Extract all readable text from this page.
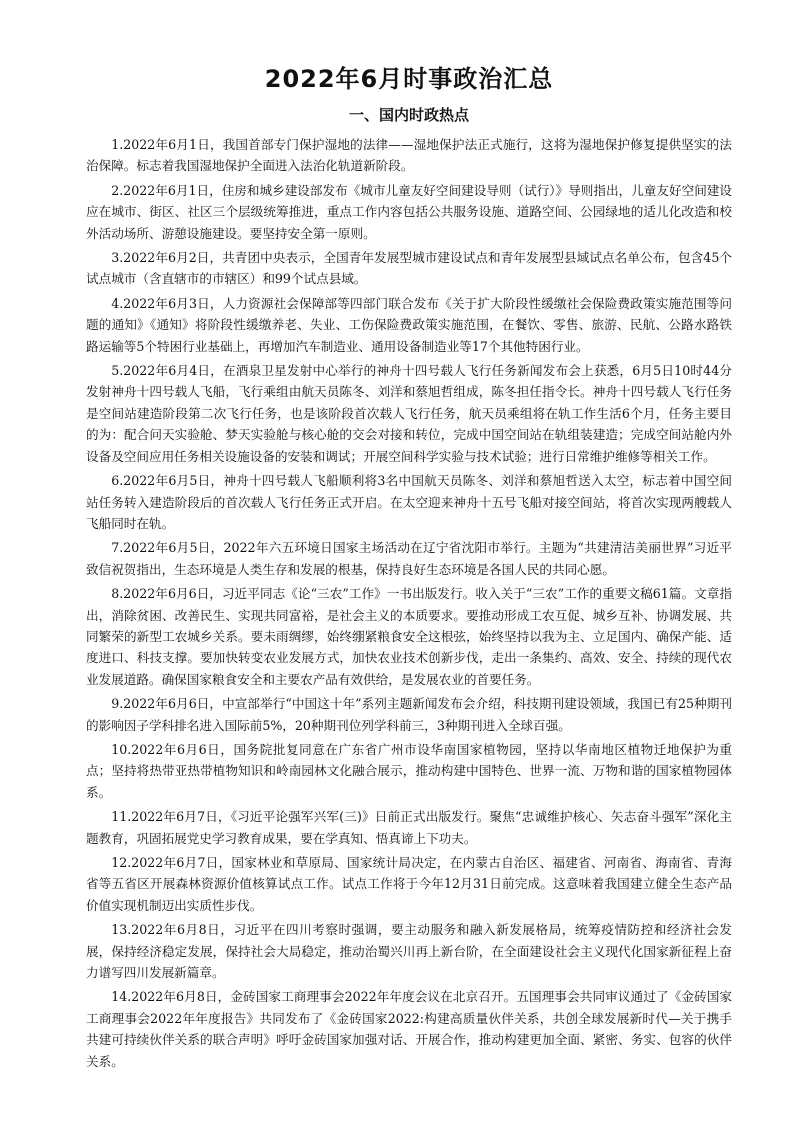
2022年6月时事政治汇总
一、国内时政热点

1.2022年6月1日，我国首部专门保护湿地的法律——湿地保护法正式施行，这将为湿地保护修复提供坚实的法治保障。标志着我国湿地保护全面进入法治化轨道新阶段。

2.2022年6月1日，住房和城乡建设部发布《城市儿童友好空间建设导则（试行）》导则指出，儿童友好空间建设应在城市、街区、社区三个层级统筹推进，重点工作内容包括公共服务设施、道路空间、公园绿地的适儿化改造和校外活动场所、游憩设施建设。要坚持安全第一原则。

3.2022年6月2日，共青团中央表示，全国青年发展型城市建设试点和青年发展型县域试点名单公布，包含45个试点城市（含直辖市的市辖区）和99个试点县域。

4.2022年6月3日，人力资源社会保障部等四部门联合发布《关于扩大阶段性缓缴社会保险费政策实施范围等问题的通知》《通知》将阶段性缓缴养老、失业、工伤保险费政策实施范围，在餐饮、零售、旅游、民航、公路水路铁路运输等5个特困行业基础上，再增加汽车制造业、通用设备制造业等17个其他特困行业。

5.2022年6月4日，在酒泉卫星发射中心举行的神舟十四号载人飞行任务新闻发布会上获悉，6月5日10时44分发射神舟十四号载人飞船，飞行乘组由航天员陈冬、刘洋和蔡旭哲组成，陈冬担任指令长。神舟十四号载人飞行任务是空间站建造阶段第二次飞行任务，也是该阶段首次载人飞行任务，航天员乘组将在轨工作生活6个月，任务主要目的为：配合问天实验舱、梦天实验舱与核心舱的交会对接和转位，完成中国空间站在轨组装建造；完成空间站舱内外设备及空间应用任务相关设施设备的安装和调试；开展空间科学实验与技术试验；进行日常维护维修等相关工作。

6.2022年6月5日，神舟十四号载人飞船顺利将3名中国航天员陈冬、刘洋和蔡旭哲送入太空，标志着中国空间站任务转入建造阶段后的首次载人飞行任务正式开启。在太空迎来神舟十五号飞船对接空间站，将首次实现两艘载人飞船同时在轨。

7.2022年6月5日，2022年六五环境日国家主场活动在辽宁省沈阳市举行。主题为“共建清洁美丽世界”习近平致信祝贺指出，生态环境是人类生存和发展的根基，保持良好生态环境是各国人民的共同心愿。

8.2022年6月6日，习近平同志《论“三农”工作》一书出版发行。收入关于“三农”工作的重要文稿61篇。文章指出，消除贫困、改善民生、实现共同富裕，是社会主义的本质要求。要推动形成工农互促、城乡互补、协调发展、共同繁荣的新型工农城乡关系。要未雨绸缪，始终绷紧粮食安全这根弦，始终坚持以我为主、立足国内、确保产能、适度进口、科技支撑。要加快转变农业发展方式，加快农业技术创新步伐，走出一条集约、高效、安全、持续的现代农业发展道路。确保国家粮食安全和主要农产品有效供给，是发展农业的首要任务。

9.2022年6月6日，中宣部举行“中国这十年”系列主题新闻发布会介绍，科技期刊建设领域，我国已有25种期刊的影响因子学科排名进入国际前5%，20种期刊位列学科前三，3种期刊进入全球百强。

10.2022年6月6日，国务院批复同意在广东省广州市设华南国家植物园，坚持以华南地区植物迁地保护为重点；坚持将热带亚热带植物知识和岭南园林文化融合展示，推动构建中国特色、世界一流、万物和谐的国家植物园体系。

11.2022年6月7日，《习近平论强军兴军(三)》日前正式出版发行。聚焦“忠诚维护核心、矢志奋斗强军”深化主题教育，巩固拓展党史学习教育成果，要在学真知、悟真谛上下功夫。

12.2022年6月7日，国家林业和草原局、国家统计局决定，在内蒙古自治区、福建省、河南省、海南省、青海省等五省区开展森林资源价值核算试点工作。试点工作将于今年12月31日前完成。这意味着我国建立健全生态产品价值实现机制迈出实质性步伐。

13.2022年6月8日，习近平在四川考察时强调，要主动服务和融入新发展格局，统筹疫情防控和经济社会发展，保持经济稳定发展，保持社会大局稳定，推动治蜀兴川再上新台阶，在全面建设社会主义现代化国家新征程上奋力谱写四川发展新篇章。

14.2022年6月8日，金砖国家工商理事会2022年年度会议在北京召开。五国理事会共同审议通过了《金砖国家工商理事会2022年年度报告》共同发布了《金砖国家2022:构建高质量伙伴关系，共创全球发展新时代—关于携手共建可持续伙伴关系的联合声明》呼吁金砖国家加强对话、开展合作，推动构建更加全面、紧密、务实、包容的伙伴关系。
